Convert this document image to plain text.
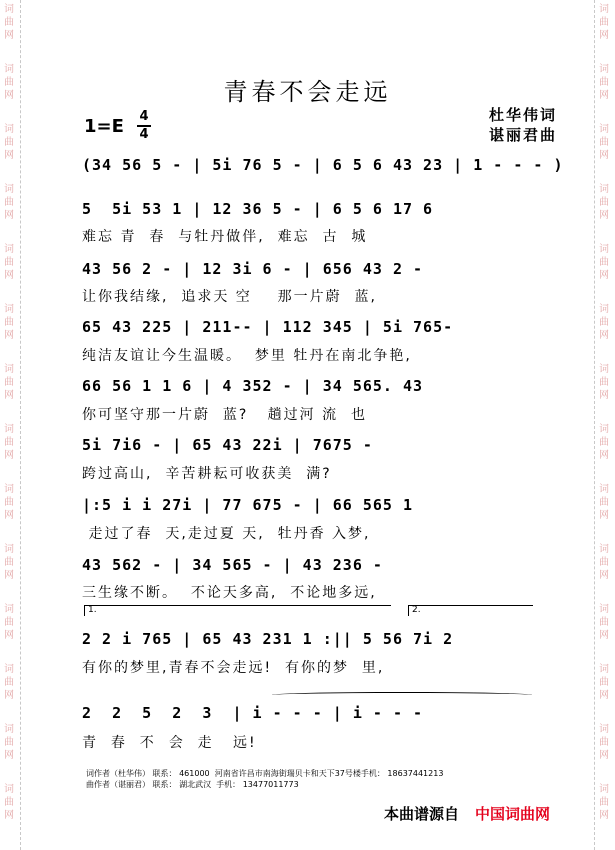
词
曲
网
词
曲
网
词
曲
网
词
曲
网
词
曲
网
词
曲
网
词
曲
网
词
曲
网
词
曲
网
词
曲
网
词
曲
网
词
曲
网
词
曲
网
词
曲
网
词
曲
网
词
曲
网
词
曲
网
词
曲
网
词
曲
网
词
曲
网
词
曲
网
词
曲
网
词
曲
网
词
曲
网
词
曲
网
词
曲
网
词
曲
网
词
曲
网
青春不会走远
杜华伟词
谌丽君曲
1=E 4
4
(34 56 5 - | 5i 76 5 - | 6 5 6 43 23 | 1 - - - )
5  5i 53 1 | 12 36 5 - | 6 5 6 17 6
难忘 青  春  与牡丹做伴,  难忘  古  城
43 56 2 - | 12 3i 6 - | 656 43 2 -
让你我结缘,  追求天 空    那一片蔚  蓝,
65 43 225 | 211-- | 112 345 | 5i 765-
纯洁友谊让今生温暖。  梦里 牡丹在南北争艳,
66 56 1 1 6 | 4 352 - | 34 565. 43
你可坚守那一片蔚  蓝?   趟过河 流  也
5i 7i6 - | 65 43 22i | 7675 -
跨过高山,  辛苦耕耘可收获美  满?
|:5 i i 27i | 77 675 - | 66 565 1
走过了春  天,走过夏 天,  牡丹香 入梦,
43 562 - | 34 565 - | 43 236 -
三生缘不断。  不论天多高,  不论地多远,
1.	2.
2 2 i 765 | 65 43 231 1 :|| 5 56 7i 2
有你的梦里,青春不会走远!  有你的梦  里,
2  2  5  2  3  | i - - - | i - - -
青  春  不  会  走   远!
词作者（杜华伟） 联系： 461000  河南省许昌市南海街瑞贝卡和天下37号楼手机： 18637441213
曲作者（谌丽君） 联系： 湖北武汉  手机： 13477011773
本曲谱源自 中国词曲网
